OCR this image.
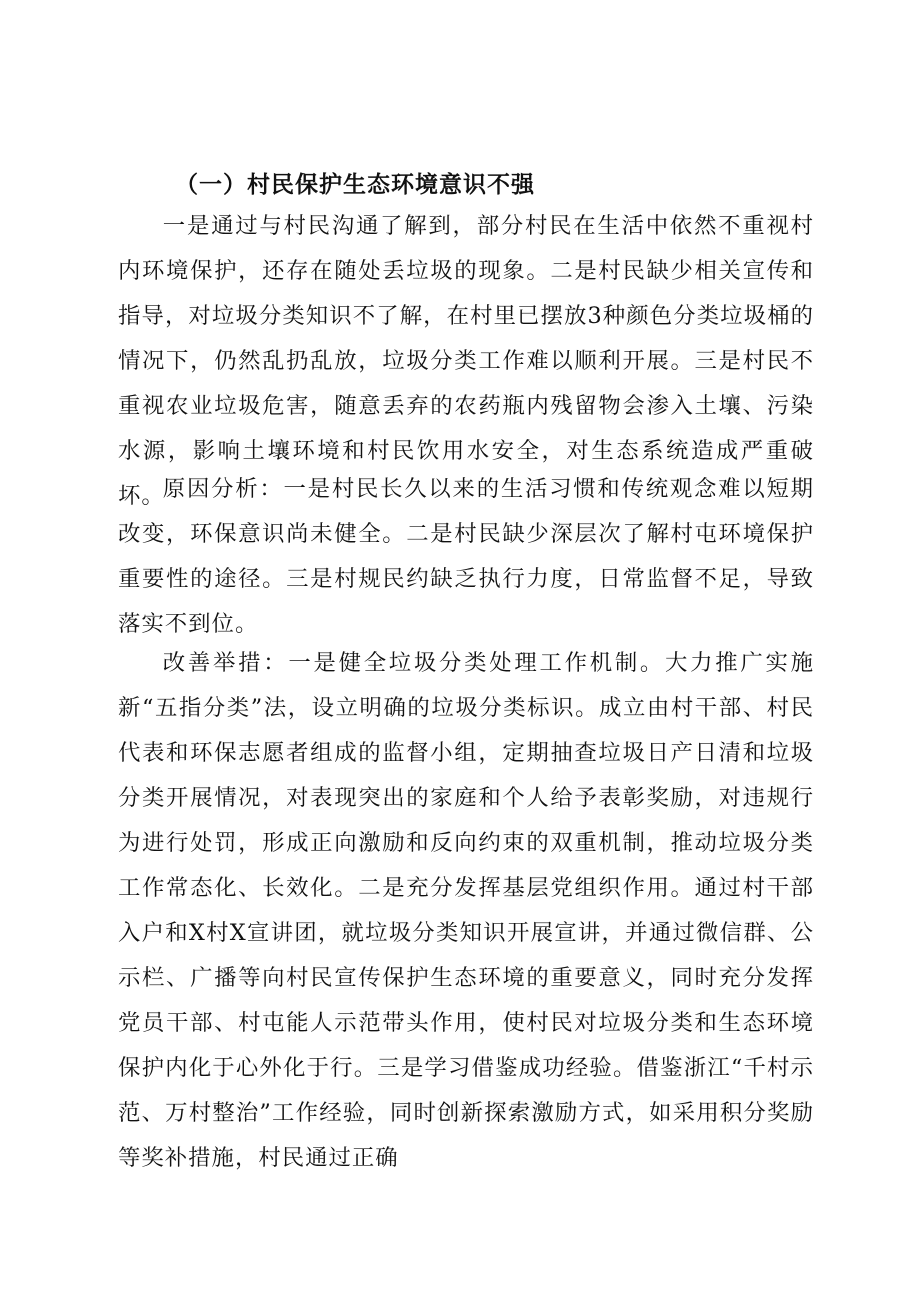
（一）村民保护生态环境意识不强

一是通过与村民沟通了解到，部分村民在生活中依然不重视村内环境保护，还存在随处丢垃圾的现象。二是村民缺少相关宣传和指导，对垃圾分类知识不了解，在村里已摆放3种颜色分类垃圾桶的情况下，仍然乱扔乱放，垃圾分类工作难以顺利开展。三是村民不重视农业垃圾危害，随意丢弃的农药瓶内残留物会渗入土壤、污染水源，影响土壤环境和村民饮用水安全，对生态系统造成严重破坏。

原因分析：一是村民长久以来的生活习惯和传统观念难以短期改变，环保意识尚未健全。二是村民缺少深层次了解村屯环境保护重要性的途径。三是村规民约缺乏执行力度，日常监督不足，导致落实不到位。

改善举措：一是健全垃圾分类处理工作机制。大力推广实施新“五指分类”法，设立明确的垃圾分类标识。成立由村干部、村民代表和环保志愿者组成的监督小组，定期抽查垃圾日产日清和垃圾分类开展情况，对表现突出的家庭和个人给予表彰奖励，对违规行为进行处罚，形成正向激励和反向约束的双重机制，推动垃圾分类工作常态化、长效化。二是充分发挥基层党组织作用。通过村干部入户和X村X宣讲团，就垃圾分类知识开展宣讲，并通过微信群、公示栏、广播等向村民宣传保护生态环境的重要意义，同时充分发挥党员干部、村屯能人示范带头作用，使村民对垃圾分类和生态环境保护内化于心外化于行。三是学习借鉴成功经验。借鉴浙江“千村示范、万村整治”工作经验，同时创新探索激励方式，如采用积分奖励等奖补措施，村民通过正确
